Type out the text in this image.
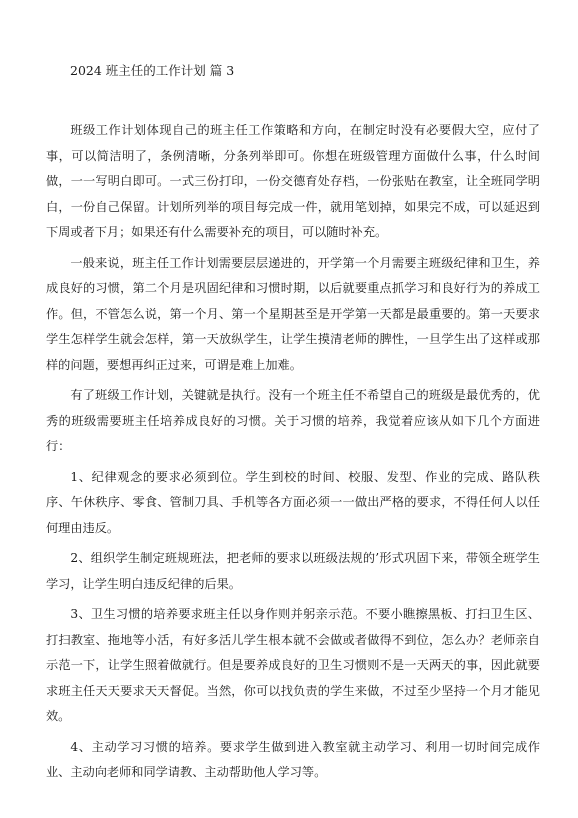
2024 班主任的工作计划 篇 3

班级工作计划体现自己的班主任工作策略和方向，在制定时没有必要假大空，应付了事，可以简洁明了，条例清晰，分条列举即可。你想在班级管理方面做什么事，什么时间做，一一写明白即可。一式三份打印，一份交德育处存档，一份张贴在教室，让全班同学明白，一份自己保留。计划所列举的项目每完成一件，就用笔划掉，如果完不成，可以延迟到下周或者下月；如果还有什么需要补充的项目，可以随时补充。

一般来说，班主任工作计划需要层层递进的，开学第一个月需要主班级纪律和卫生，养成良好的习惯，第二个月是巩固纪律和习惯时期，以后就要重点抓学习和良好行为的养成工作。但，不管怎么说，第一个月、第一个星期甚至是开学第一天都是最重要的。第一天要求学生怎样学生就会怎样，第一天放纵学生，让学生摸清老师的脾性，一旦学生出了这样或那样的问题，要想再纠正过来，可谓是难上加难。

有了班级工作计划，关键就是执行。没有一个班主任不希望自己的班级是最优秀的，优秀的班级需要班主任培养成良好的习惯。关于习惯的培养，我觉着应该从如下几个方面进行：

1、纪律观念的要求必须到位。学生到校的时间、校服、发型、作业的完成、路队秩序、午休秩序、零食、管制刀具、手机等各方面必须一一做出严格的要求，不得任何人以任何理由违反。

2、组织学生制定班规班法，把老师的要求以班级法规的’形式巩固下来，带领全班学生学习，让学生明白违反纪律的后果。

3、卫生习惯的培养要求班主任以身作则并躬亲示范。不要小瞧擦黑板、打扫卫生区、打扫教室、拖地等小活，有好多活儿学生根本就不会做或者做得不到位，怎么办？老师亲自示范一下，让学生照着做就行。但是要养成良好的卫生习惯则不是一天两天的事，因此就要求班主任天天要求天天督促。当然，你可以找负责的学生来做，不过至少坚持一个月才能见效。

4、主动学习习惯的培养。要求学生做到进入教室就主动学习、利用一切时间完成作业、主动向老师和同学请教、主动帮助他人学习等。
